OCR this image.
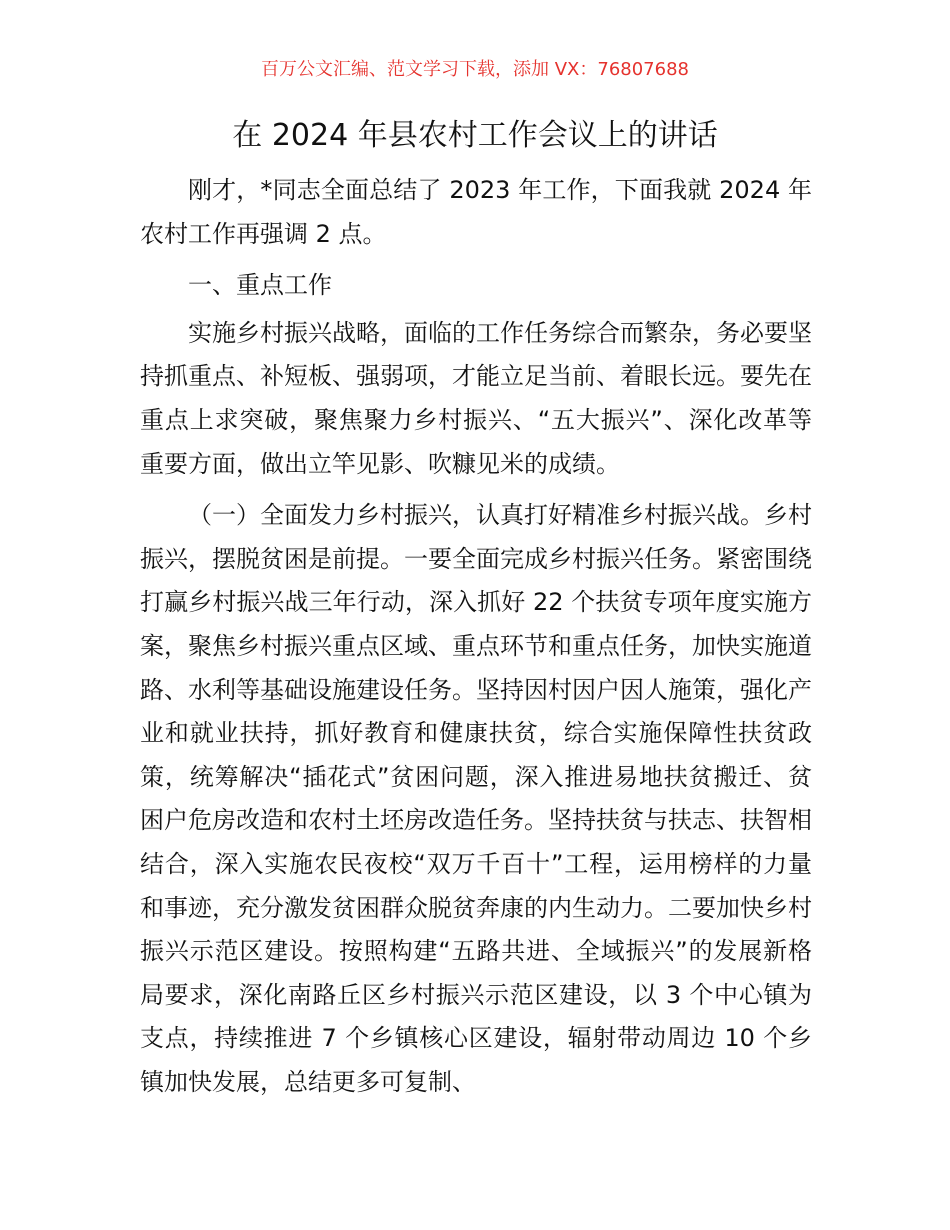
百万公文汇编、范文学习下载，添加 VX：76807688
在 2024 年县农村工作会议上的讲话

刚才，*同志全面总结了 2023 年工作，下面我就 2024 年农村工作再强调 2 点。

一、重点工作

实施乡村振兴战略，面临的工作任务综合而繁杂，务必要坚持抓重点、补短板、强弱项，才能立足当前、着眼长远。要先在重点上求突破，聚焦聚力乡村振兴、“五大振兴”、深化改革等重要方面，做出立竿见影、吹糠见米的成绩。

（一）全面发力乡村振兴，认真打好精准乡村振兴战。乡村振兴，摆脱贫困是前提。一要全面完成乡村振兴任务。紧密围绕打赢乡村振兴战三年行动，深入抓好 22 个扶贫专项年度实施方案，聚焦乡村振兴重点区域、重点环节和重点任务，加快实施道路、水利等基础设施建设任务。坚持因村因户因人施策，强化产业和就业扶持，抓好教育和健康扶贫，综合实施保障性扶贫政策，统筹解决“插花式”贫困问题，深入推进易地扶贫搬迁、贫困户危房改造和农村土坯房改造任务。坚持扶贫与扶志、扶智相结合，深入实施农民夜校“双万千百十”工程，运用榜样的力量和事迹，充分激发贫困群众脱贫奔康的内生动力。二要加快乡村振兴示范区建设。按照构建“五路共进、全域振兴”的发展新格局要求，深化南路丘区乡村振兴示范区建设，以 3 个中心镇为支点，持续推进 7 个乡镇核心区建设，辐射带动周边 10 个乡镇加快发展，总结更多可复制、
